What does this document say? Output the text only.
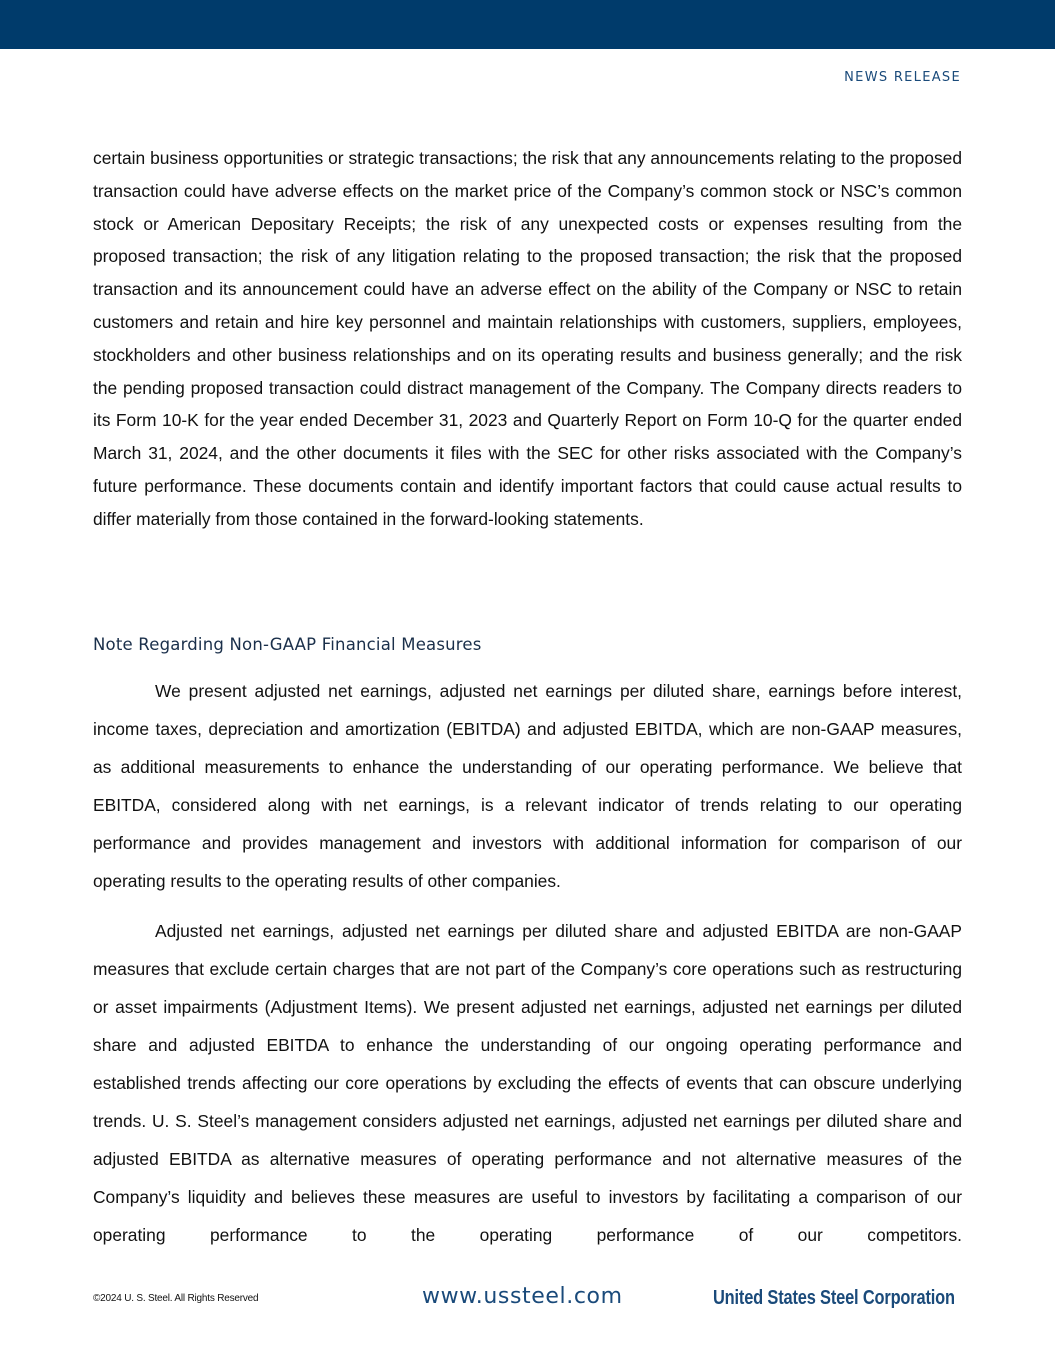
NEWS RELEASE

certain business opportunities or strategic transactions; the risk that any announcements relating to the proposed transaction could have adverse effects on the market price of the Company’s common stock or NSC’s common stock or American Depositary Receipts; the risk of any unexpected costs or expenses resulting from the proposed transaction; the risk of any litigation relating to the proposed transaction; the risk that the proposed transaction and its announcement could have an adverse effect on the ability of the Company or NSC to retain customers and retain and hire key personnel and maintain relationships with customers, suppliers, employees, stockholders and other business relationships and on its operating results and business generally; and the risk the pending proposed transaction could distract management of the Company. The Company directs readers to its Form 10-K for the year ended December 31, 2023 and Quarterly Report on Form 10-Q for the quarter ended March 31, 2024, and the other documents it files with the SEC for other risks associated with the Company’s future performance. These documents contain and identify important factors that could cause actual results to differ materially from those contained in the forward-looking statements.

Note Regarding Non-GAAP Financial Measures

We present adjusted net earnings, adjusted net earnings per diluted share, earnings before interest, income taxes, depreciation and amortization (EBITDA) and adjusted EBITDA, which are non-GAAP measures, as additional measurements to enhance the understanding of our operating performance. We believe that EBITDA, considered along with net earnings, is a relevant indicator of trends relating to our operating performance and provides management and investors with additional information for comparison of our operating results to the operating results of other companies.

Adjusted net earnings, adjusted net earnings per diluted share and adjusted EBITDA are non-GAAP measures that exclude certain charges that are not part of the Company’s core operations such as restructuring or asset impairments (Adjustment Items). We present adjusted net earnings, adjusted net earnings per diluted share and adjusted EBITDA to enhance the understanding of our ongoing operating performance and established trends affecting our core operations by excluding the effects of events that can obscure underlying trends. U. S. Steel’s management considers adjusted net earnings, adjusted net earnings per diluted share and adjusted EBITDA as alternative measures of operating performance and not alternative measures of the Company’s liquidity and believes these measures are useful to investors by facilitating a comparison of our operating performance to the operating performance of our competitors.

©2024 U. S. Steel. All Rights Reserved	www.ussteel.com	United States Steel Corporation
